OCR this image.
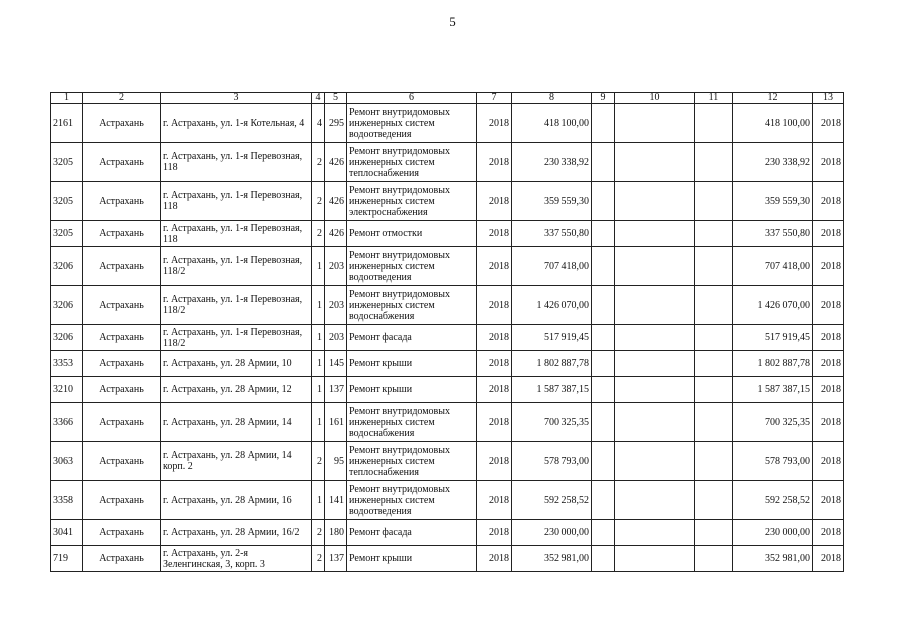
5
1	2	3	4	5	6	7	8	9	10	11	12	13
2161	Астрахань	г. Астрахань, ул. 1-я Котельная, 4	4	295	Ремонт внутридомовых инженерных систем водоотведения	2018	418 100,00				418 100,00	2018
3205	Астрахань	г. Астрахань, ул. 1-я Перевозная, 118	2	426	Ремонт внутридомовых инженерных систем теплоснабжения	2018	230 338,92				230 338,92	2018
3205	Астрахань	г. Астрахань, ул. 1-я Перевозная, 118	2	426	Ремонт внутридомовых инженерных систем электроснабжения	2018	359 559,30				359 559,30	2018
3205	Астрахань	г. Астрахань, ул. 1-я Перевозная, 118	2	426	Ремонт отмостки	2018	337 550,80				337 550,80	2018
3206	Астрахань	г. Астрахань, ул. 1-я Перевозная, 118/2	1	203	Ремонт внутридомовых инженерных систем водоотведения	2018	707 418,00				707 418,00	2018
3206	Астрахань	г. Астрахань, ул. 1-я Перевозная, 118/2	1	203	Ремонт внутридомовых инженерных систем водоснабжения	2018	1 426 070,00				1 426 070,00	2018
3206	Астрахань	г. Астрахань, ул. 1-я Перевозная, 118/2	1	203	Ремонт фасада	2018	517 919,45				517 919,45	2018
3353	Астрахань	г. Астрахань, ул. 28 Армии, 10	1	145	Ремонт крыши	2018	1 802 887,78				1 802 887,78	2018
3210	Астрахань	г. Астрахань, ул. 28 Армии, 12	1	137	Ремонт крыши	2018	1 587 387,15				1 587 387,15	2018
3366	Астрахань	г. Астрахань, ул. 28 Армии, 14	1	161	Ремонт внутридомовых инженерных систем водоснабжения	2018	700 325,35				700 325,35	2018
3063	Астрахань	г. Астрахань, ул. 28 Армии, 14 корп. 2	2	95	Ремонт внутридомовых инженерных систем теплоснабжения	2018	578 793,00				578 793,00	2018
3358	Астрахань	г. Астрахань, ул. 28 Армии, 16	1	141	Ремонт внутридомовых инженерных систем водоотведения	2018	592 258,52				592 258,52	2018
3041	Астрахань	г. Астрахань, ул. 28 Армии, 16/2	2	180	Ремонт фасада	2018	230 000,00				230 000,00	2018
719	Астрахань	г. Астрахань, ул. 2-я Зеленгинская, 3, корп. 3	2	137	Ремонт крыши	2018	352 981,00				352 981,00	2018
